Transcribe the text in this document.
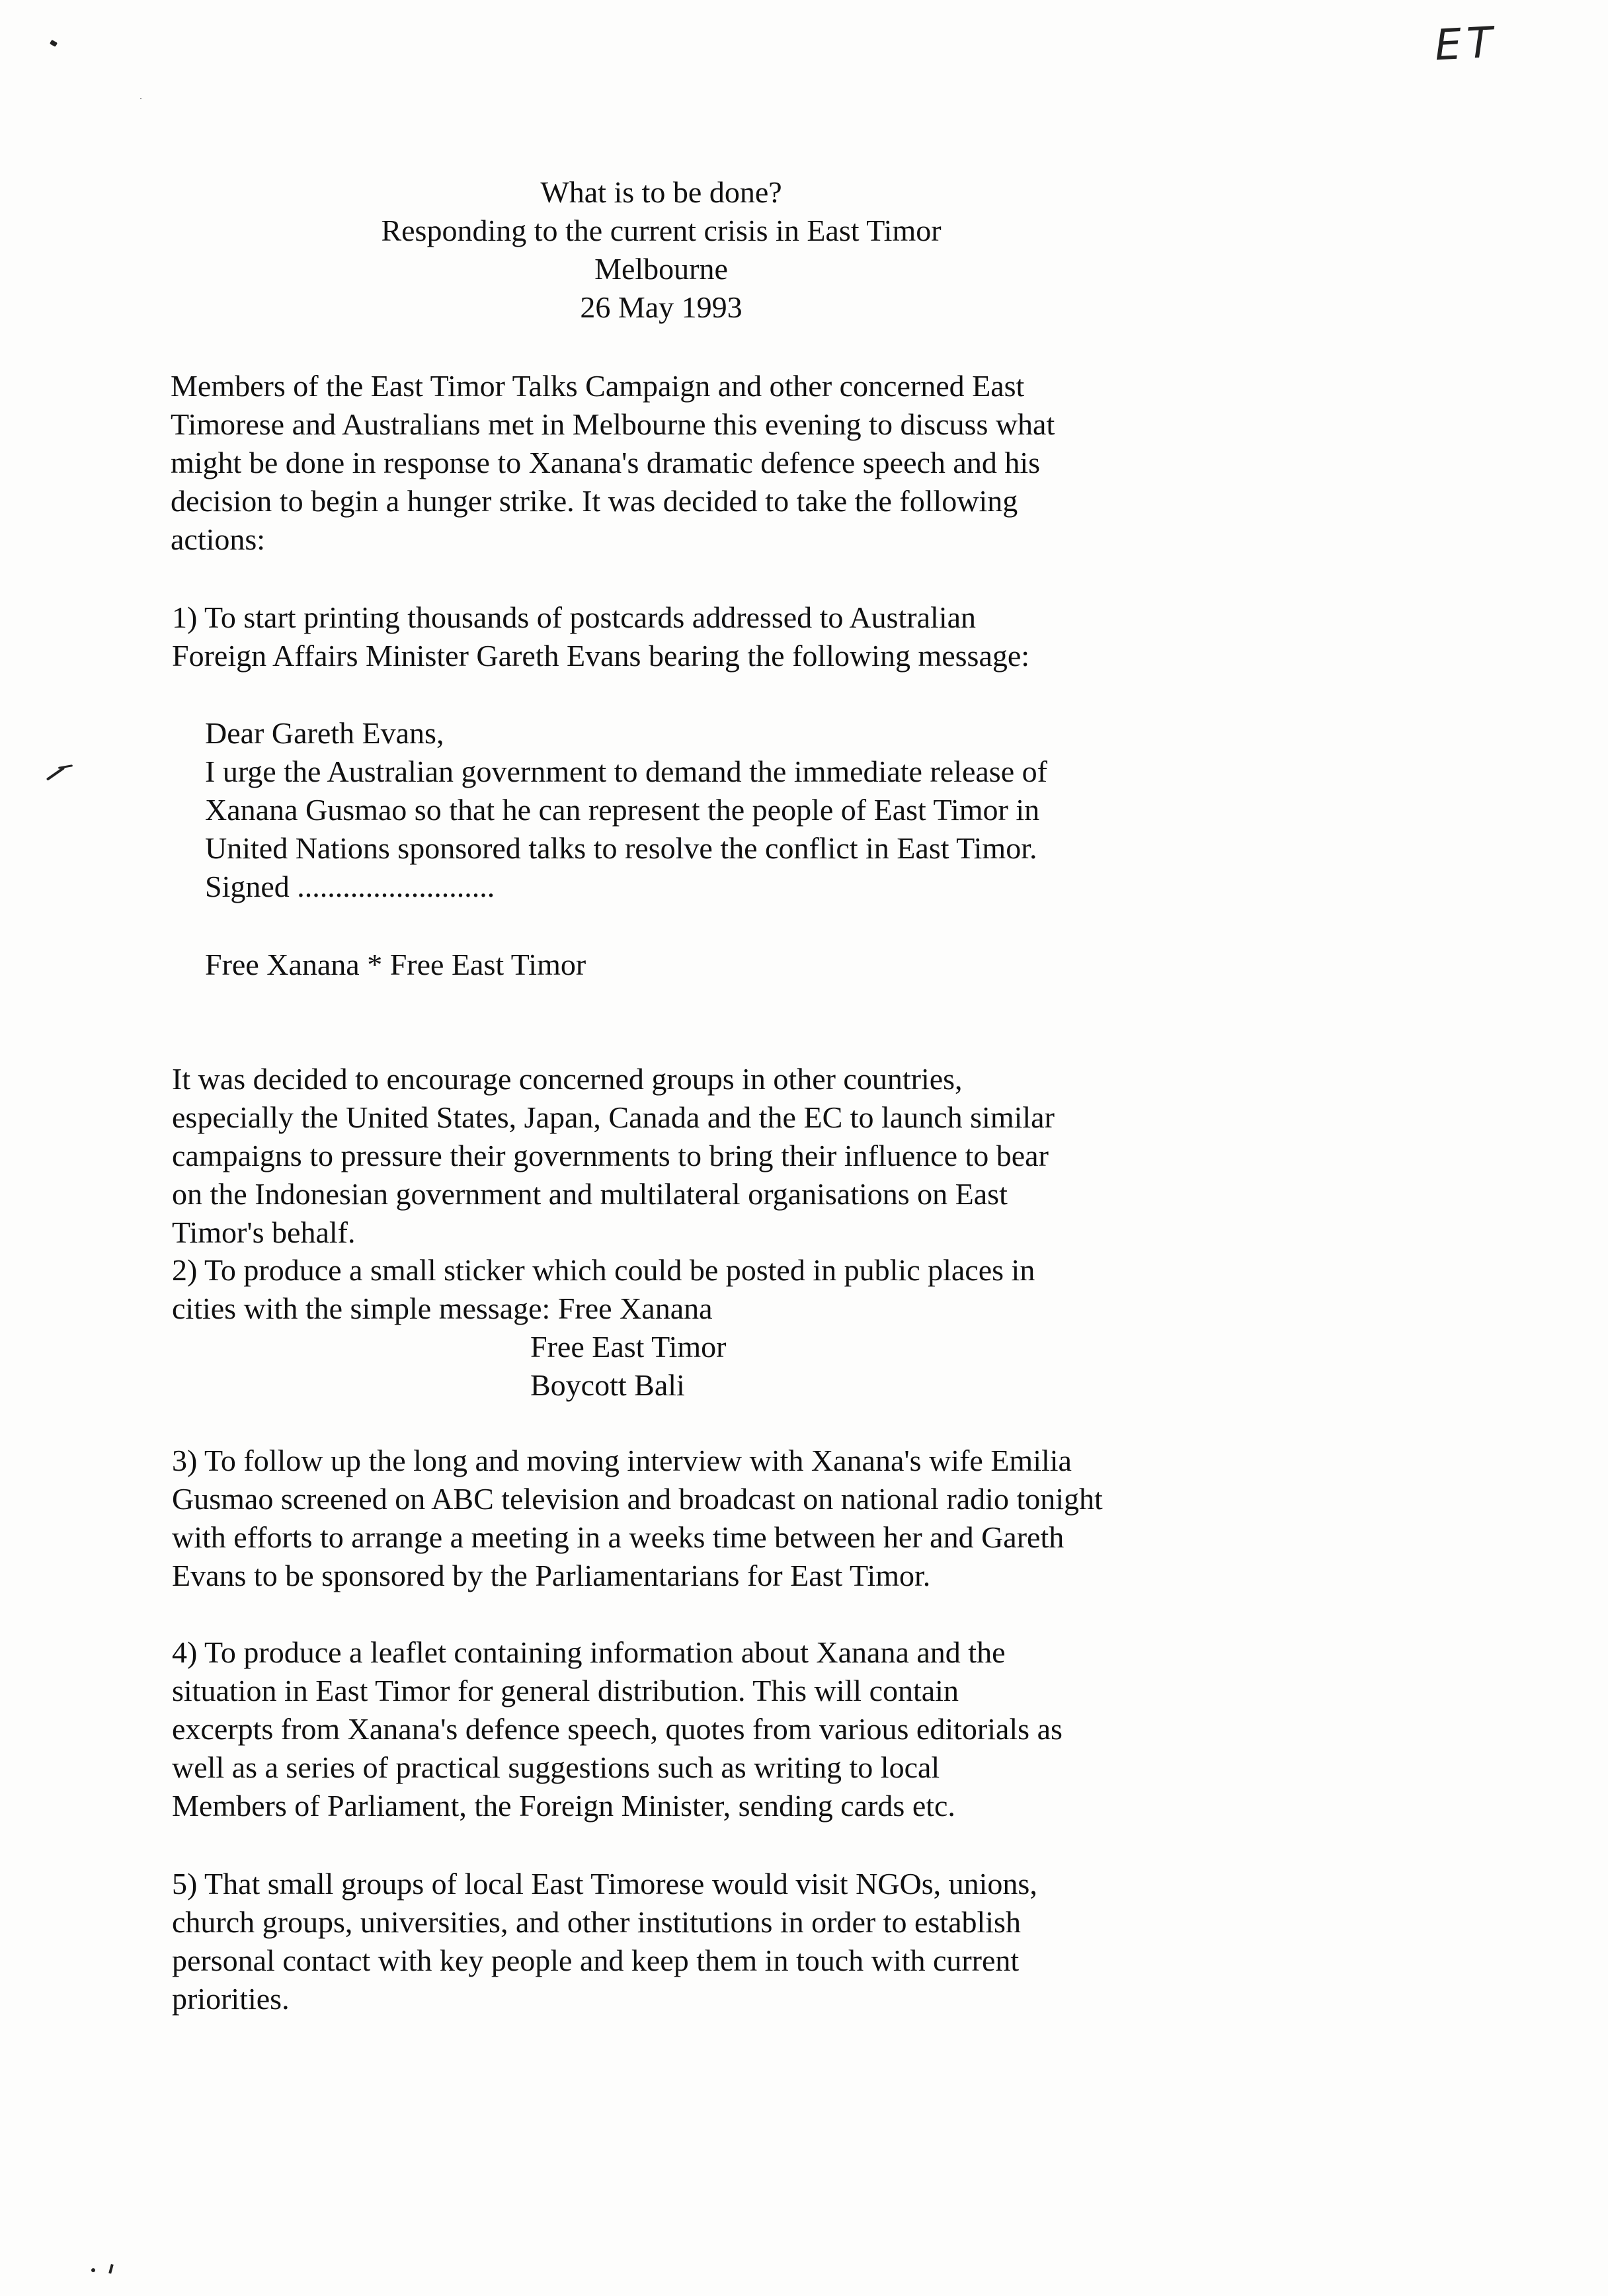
ET
What is to be done?
Responding to the current crisis in East Timor
Melbourne
26 May 1993
Members of the East Timor Talks Campaign and other concerned East
Timorese and Australians met in Melbourne this evening to discuss what
might be done in response to Xanana's dramatic defence speech and his
decision to begin a hunger strike. It was decided to take the following
actions:
1) To start printing thousands of postcards addressed to Australian
Foreign Affairs Minister Gareth Evans bearing the following message:
Dear Gareth Evans,
I urge the Australian government to demand the immediate release of
Xanana Gusmao so that he can represent the people of East Timor in
United Nations sponsored talks to resolve the conflict in East Timor.
Signed ..........................
Free Xanana * Free East Timor
It was decided to encourage concerned groups in other countries,
especially the United States, Japan, Canada and the EC to launch similar
campaigns to pressure their governments to bring their influence to bear
on the Indonesian government and multilateral organisations on East
Timor's behalf.
2) To produce a small sticker which could be posted in public places in
cities with the simple message: Free Xanana
Free East Timor
Boycott Bali
3) To follow up the long and moving interview with Xanana's wife Emilia
Gusmao screened on ABC television and broadcast on national radio tonight
with efforts to arrange a meeting in a weeks time between her and Gareth
Evans to be sponsored by the Parliamentarians for East Timor.
4) To produce a leaflet containing information about Xanana and the
situation in East Timor for general distribution. This will contain
excerpts from Xanana's defence speech, quotes from various editorials as
well as a series of practical suggestions such as writing to local
Members of Parliament, the Foreign Minister, sending cards etc.
5) That small groups of local East Timorese would visit NGOs, unions,
church groups, universities, and other institutions in order to establish
personal contact with key people and keep them in touch with current
priorities.
